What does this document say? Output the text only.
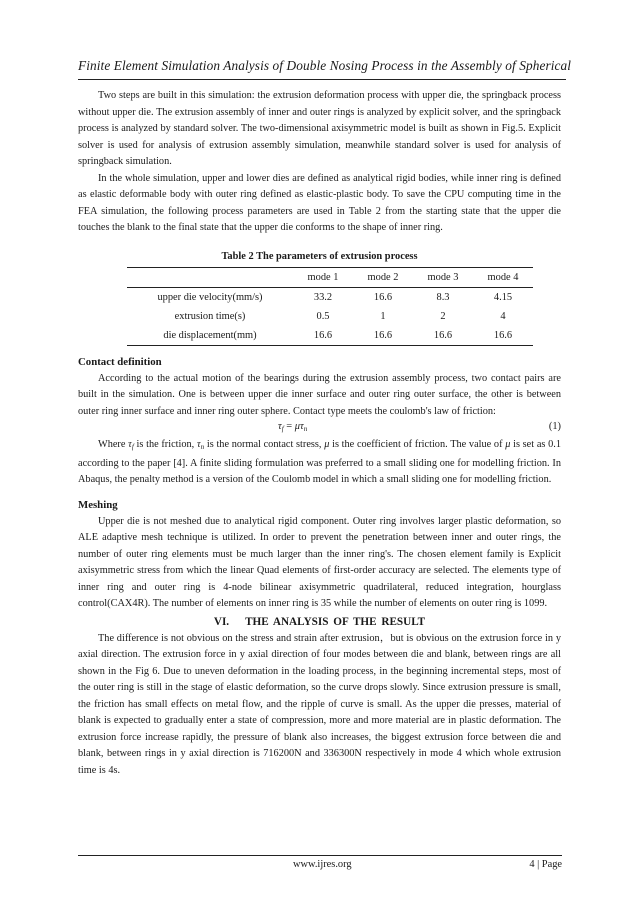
Finite Element Simulation Analysis of Double Nosing Process in the Assembly of Spherical

Two steps are built in this simulation: the extrusion deformation process with upper die, the springback process without upper die. The extrusion assembly of inner and outer rings is analyzed by explicit solver, and the springback process is analyzed by standard solver. The two-dimensional axisymmetric model is built as shown in Fig.5. Explicit solver is used for analysis of extrusion assembly simulation, meanwhile standard solver is used for analysis of springback simulation.

In the whole simulation, upper and lower dies are defined as analytical rigid bodies, while inner ring is defined as elastic deformable body with outer ring defined as elastic-plastic body. To save the CPU computing time in the FEA simulation, the following process parameters are used in Table 2 from the starting state that the upper die touches the blank to the final state that the upper die conforms to the shape of inner ring.

Table 2 The parameters of extrusion process
	mode 1	mode 2	mode 3	mode 4
upper die velocity(mm/s)	33.2	16.6	8.3	4.15
extrusion time(s)	0.5	1	2	4
die displacement(mm)	16.6	16.6	16.6	16.6
Contact definition

According to the actual motion of the bearings during the extrusion assembly process, two contact pairs are built in the simulation. One is between upper die inner surface and outer ring outer surface, the other is between outer ring inner surface and inner ring outer sphere. Contact type meets the coulomb's law of friction:

$\tau_f = \mu\tau_n$	(1)

Where $\tau_f$ is the friction, $\tau_n$ is the normal contact stress, μ is the coefficient of friction. The value of μ is set as 0.1 according to the paper [4]. A finite sliding formulation was preferred to a small sliding one for modelling friction. In Abaqus, the penalty method is a version of the Coulomb model in which a small sliding one for modelling friction.

Meshing

Upper die is not meshed due to analytical rigid component. Outer ring involves larger plastic deformation, so ALE adaptive mesh technique is utilized. In order to prevent the penetration between inner and outer rings, the number of outer ring elements must be much larger than the inner ring's. The chosen element family is Explicit axisymmetric stress from which the linear Quad elements of first-order accuracy are selected. The elements type of inner ring and outer ring is 4-node bilinear axisymmetric quadrilateral, reduced integration, hourglass control(CAX4R). The number of elements on inner ring is 35 while the number of elements on outer ring is 1099.

VI. THE ANALYSIS OF THE RESULT

The difference is not obvious on the stress and strain after extrusion，but is obvious on the extrusion force in y axial direction. The extrusion force in y axial direction of four modes between die and blank, between rings are all shown in the Fig 6. Due to uneven deformation in the loading process, in the beginning incremental steps, most of the outer ring is still in the stage of elastic deformation, so the curve drops slowly. Since extrusion pressure is small, the friction has small effects on metal flow, and the ripple of curve is small. As the upper die presses, material of blank is expected to gradually enter a state of compression, more and more material are in plastic deformation. The extrusion force increase rapidly, the pressure of blank also increases, the biggest extrusion force between die and blank, between rings in y axial direction is 716200N and 336300N respectively in mode 4 which whole extrusion time is 4s.

www.ijres.org	4 | Page
